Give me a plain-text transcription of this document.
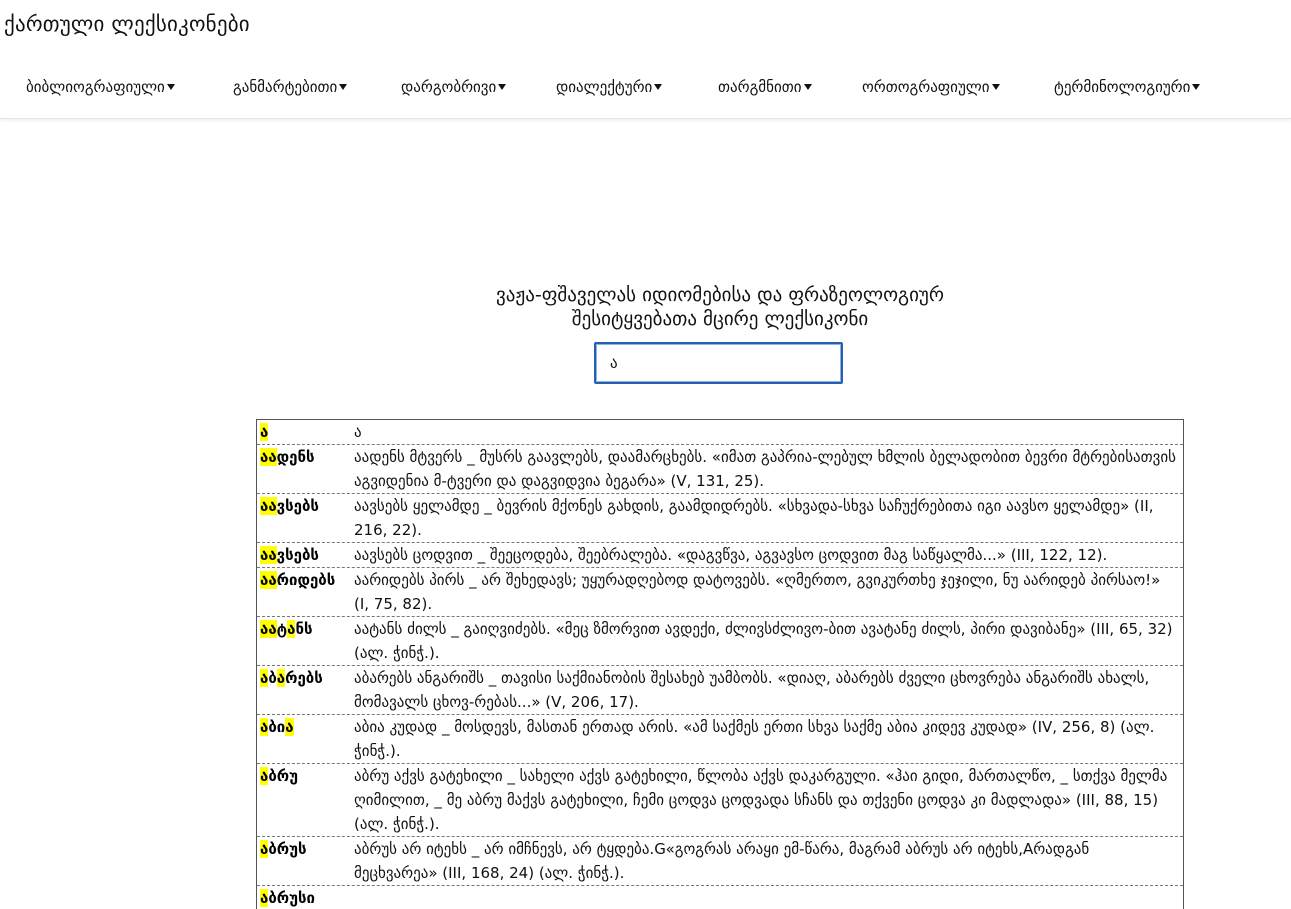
ქართული ლექსიკონები
ბიბლიოგრაფიული	განმარტებითი	დარგობრივი	დიალექტური	თარგმნითი	ორთოგრაფიული	ტერმინოლოგიური
ვაჟა-ფშაველას იდიომებისა და ფრაზეოლოგიურ
შესიტყვებათა მცირე ლექსიკონი
ა
ა	ა
აადენს	აადენს მტვერს _ მუსრს გაავლებს, დაამარცხებს. «იმათ გაპრია-ლებულ ხმლის ბელადობით ბევრი მტრებისათვის აგვიდენია მ-ტვერი და დაგვიდვია ბეგარა» (V, 131, 25).
აავსებს	აავსებს ყელამდე _ ბევრის მქონეს გახდის, გაამდიდრებს. «სხვადა-სხვა საჩუქრებითა იგი აავსო ყელამდე» (II, 216, 22).
აავსებს	აავსებს ცოდვით _ შეეცოდება, შეებრალება. «დაგვწვა, აგვავსო ცოდვით მაგ საწყალმა...» (III, 122, 12).
აარიდებს	აარიდებს პირს _ არ შეხედავს; უყურადღებოდ დატოვებს. «ღმერთო, გვიკურთხე ჯეჯილი, ნუ აარიდებ პირსაო!» (I, 75, 82).
აატანს	აატანს ძილს _ გაიღვიძებს. «მეც ზმორვით ავდექი, ძლივსძლივო-ბით ავატანე ძილს, პირი დავიბანე» (III, 65, 32) (ალ. ჭინჭ.).
აბარებს	აბარებს ანგარიშს _ თავისი საქმიანობის შესახებ უამბობს. «დიაღ, აბარებს ძველი ცხოვრება ანგარიშს ახალს, მომავალს ცხოვ-რებას...» (V, 206, 17).
აბია	აბია კუდად _ მოსდევს, მასთან ერთად არის. «ამ საქმეს ერთი სხვა საქმე აბია კიდევ კუდად» (IV, 256, 8) (ალ. ჭინჭ.).
აბრუ	აბრუ აქვს გატეხილი _ სახელი აქვს გატეხილი, წლობა აქვს დაკარგული. «ჰაი გიდი, მართალწო, _ სთქვა მელმა ღიმილით, _ მე აბრუ მაქვს გატეხილი, ჩემი ცოდვა ცოდვადა სჩანს და თქვენი ცოდვა კი მადლადა» (III, 88, 15) (ალ. ჭინჭ.).
აბრუს	აბრუს არ იტეხს _ არ იმჩნევს, არ ტყდება.G«გოგრას არაყი ემ-წარა, მაგრამ აბრუს არ იტეხს,Aრადგან მეცხვარეა» (III, 168, 24) (ალ. ჭინჭ.).
აბრუსი
